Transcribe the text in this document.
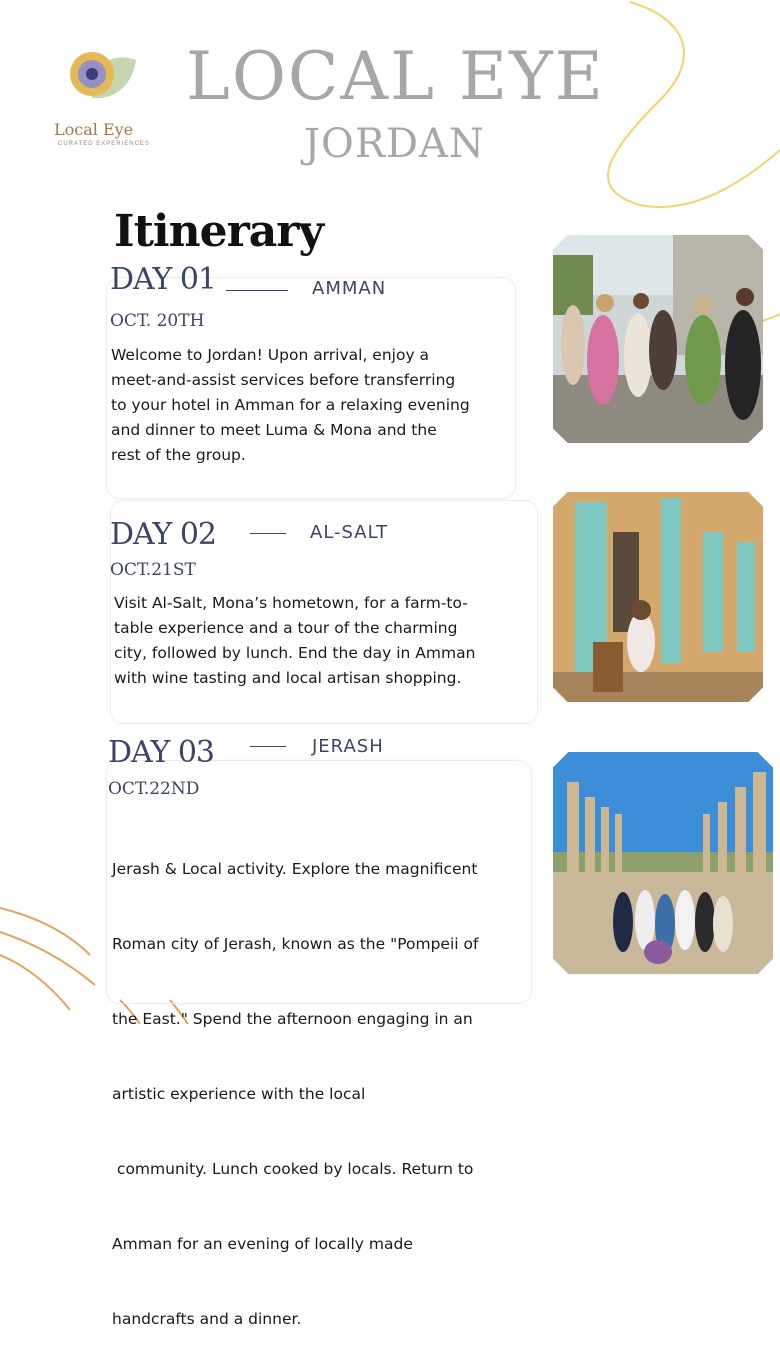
Local Eye
CURATED EXPERIENCES
LOCAL EYE
JORDAN
Itinerary
DAY 01	AMMAN
OCT. 20TH
Welcome to Jordan! Upon arrival, enjoy a
meet-and-assist services before transferring
to your hotel in Amman for a relaxing evening
and dinner to meet Luma & Mona and the
rest of the group.
DAY 02	AL-SALT
OCT.21ST
Visit Al-Salt, Mona’s hometown, for a farm-to-
table experience and a tour of the charming
city, followed by lunch. End the day in Amman
with wine tasting and local artisan shopping.
DAY 03	JERASH
OCT.22ND

Jerash & Local activity. Explore the magnificent

Roman city of Jerash, known as the "Pompeii of

the East." Spend the afternoon engaging in an

artistic experience with the local

community. Lunch cooked by locals. Return to

Amman for an evening of locally made

handcrafts and a dinner.
